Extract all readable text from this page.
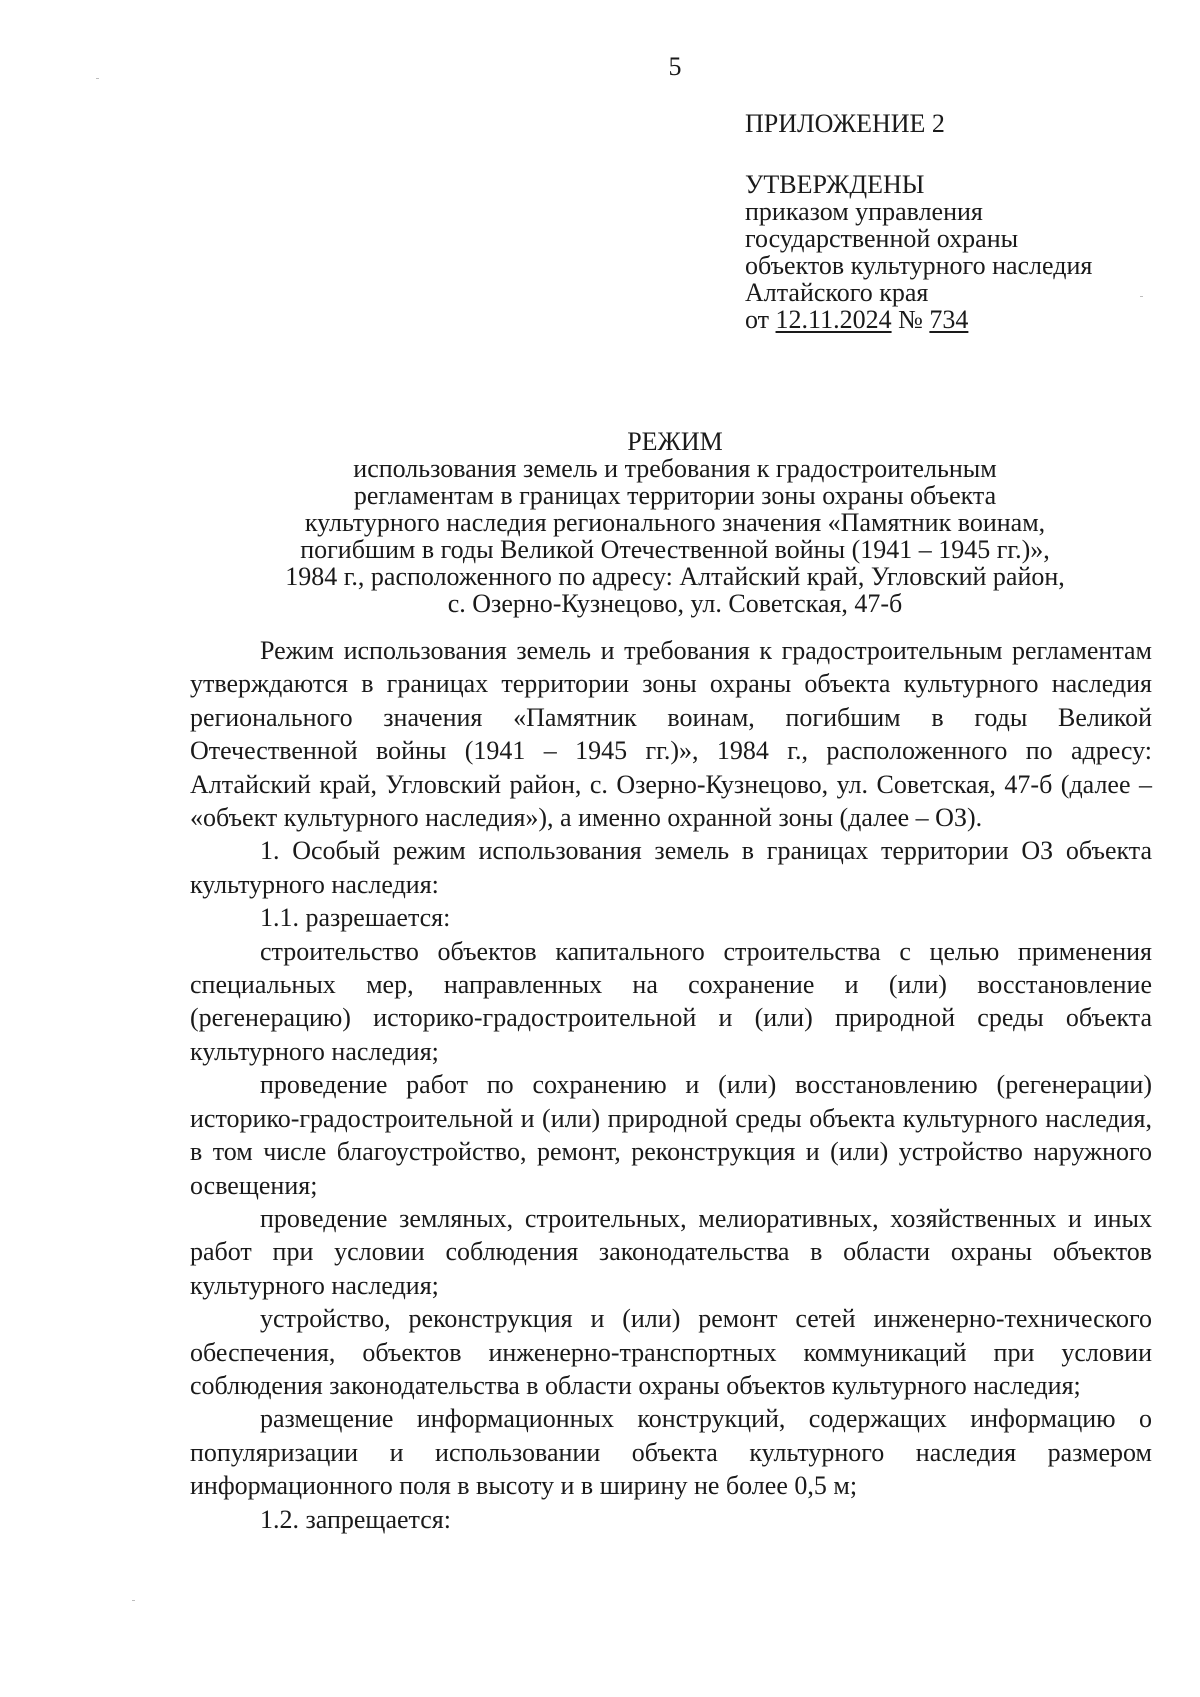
5

ПРИЛОЖЕНИЕ 2

УТВЕРЖДЕНЫ

приказом управления

государственной охраны

объектов культурного наследия

Алтайского края

от 12.11.2024 № 734

РЕЖИМ

использования земель и требования к градостроительным

регламентам в границах территории зоны охраны объекта

культурного наследия регионального значения «Памятник воинам,

погибшим в годы Великой Отечественной войны (1941 – 1945 гг.)»,

1984 г., расположенного по адресу: Алтайский край, Угловский район,

с. Озерно-Кузнецово, ул. Советская, 47-б

Режим использования земель и требования к градостроительным регламентам утверждаются в границах территории зоны охраны объекта культурного наследия регионального значения «Памятник воинам, погибшим в годы Великой Отечественной войны (1941 – 1945 гг.)», 1984 г., расположенного по адресу: Алтайский край, Угловский район, с. Озерно-Кузнецово, ул. Советская, 47-б (далее – «объект культурного наследия»), а именно охранной зоны (далее – ОЗ).

1. Особый режим использования земель в границах территории ОЗ объекта культурного наследия:

1.1. разрешается:

строительство объектов капитального строительства с целью применения специальных мер, направленных на сохранение и (или) восстановление (регенерацию) историко-градостроительной и (или) природной среды объекта культурного наследия;

проведение работ по сохранению и (или) восстановлению (регенерации) историко-градостроительной и (или) природной среды объекта культурного наследия, в том числе благоустройство, ремонт, реконструкция и (или) устройство наружного освещения;

проведение земляных, строительных, мелиоративных, хозяйственных и иных работ при условии соблюдения законодательства в области охраны объектов культурного наследия;

устройство, реконструкция и (или) ремонт сетей инженерно-технического обеспечения, объектов инженерно-транспортных коммуникаций при условии соблюдения законодательства в области охраны объектов культурного наследия;

размещение информационных конструкций, содержащих информацию о популяризации и использовании объекта культурного наследия размером информационного поля в высоту и в ширину не более 0,5 м;

1.2. запрещается:
